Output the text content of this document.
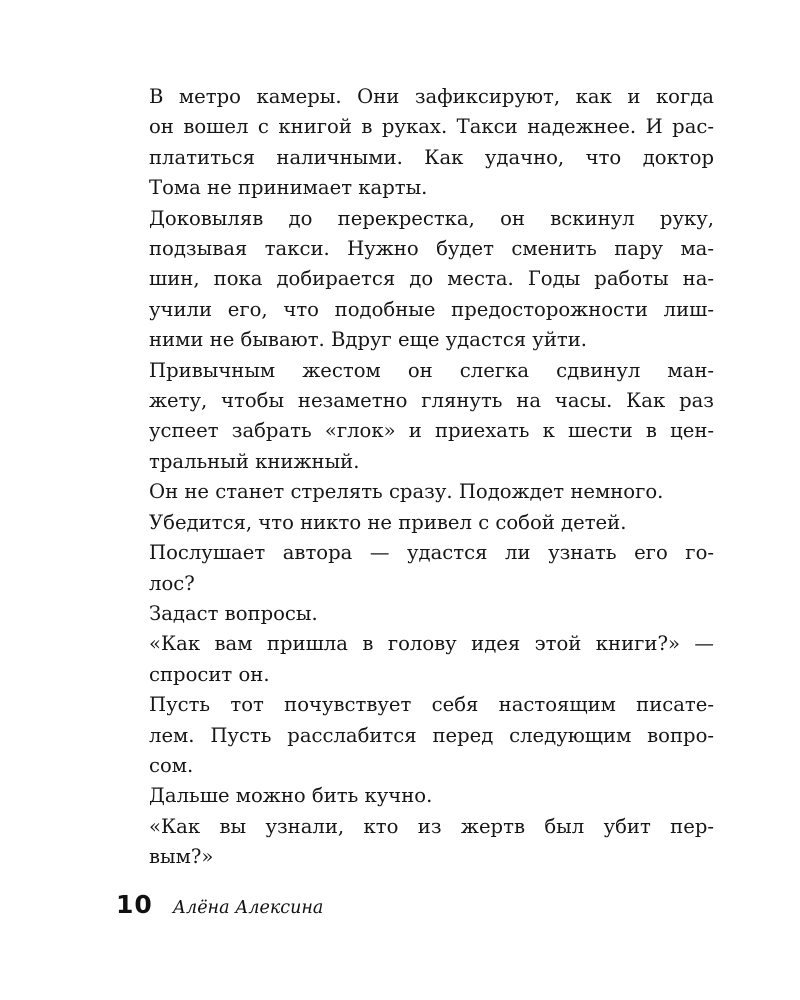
В метро камеры. Они зафиксируют, как и когда
он вошел с книгой в руках. Такси надежнее. И рас-
платиться наличными. Как удачно, что доктор
Тома не принимает карты.

Доковыляв до перекрестка, он вскинул руку,
подзывая такси. Нужно будет сменить пару ма-
шин, пока добирается до места. Годы работы на-
учили его, что подобные предосторожности лиш-
ними не бывают. Вдруг еще удастся уйти.

Привычным жестом он слегка сдвинул ман-
жету, чтобы незаметно глянуть на часы. Как раз
успеет забрать «глок» и приехать к шести в цен-
тральный книжный.

Он не станет стрелять сразу. Подождет немного.

Убедится, что никто не привел с собой детей.

Послушает автора — удастся ли узнать его го-
лос?

Задаст вопросы.

«Как вам пришла в голову идея этой книги?» —
спросит он.

Пусть тот почувствует себя настоящим писате-
лем. Пусть расслабится перед следующим вопро-
сом.

Дальше можно бить кучно.

«Как вы узнали, кто из жертв был убит пер-
вым?»

10 Алёна Алексина
